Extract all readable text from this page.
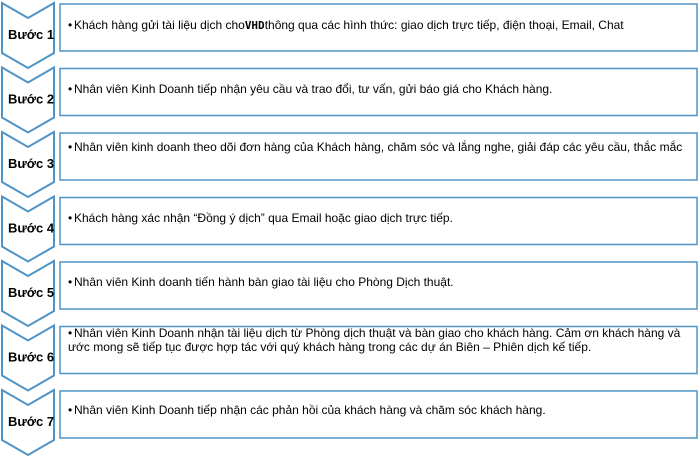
Bước 1
Bước 2
Bước 3
Bước 4
Bước 5
Bước 6
Bước 7

• Khách hàng gửi tài liệu dịch choVHDthông qua các hình thức: giao dịch trực tiếp, điện thoại, Email, Chat

• Nhân viên Kinh Doanh tiếp nhận yêu cầu và trao đổi, tư vấn, gửi báo giá cho Khách hàng.

• Nhân viên kinh doanh theo dõi đơn hàng của Khách hàng, chăm sóc và lắng nghe, giải đáp các yêu cầu, thắc mắc

• Khách hàng xác nhận “Đồng ý dịch” qua Email hoặc giao dịch trực tiếp.

• Nhân viên Kinh doanh tiến hành bàn giao tài liệu cho Phòng Dịch thuật.

• Nhân viên Kinh Doanh nhận tài liệu dịch từ Phòng dịch thuật và bàn giao cho khách hàng. Cảm ơn khách hàng và ước mong sẽ tiếp tục được hợp tác với quý khách hàng trong các dự án Biên – Phiên dịch kế tiếp.

• Nhân viên Kinh Doanh tiếp nhận các phản hồi của khách hàng và chăm sóc khách hàng.
